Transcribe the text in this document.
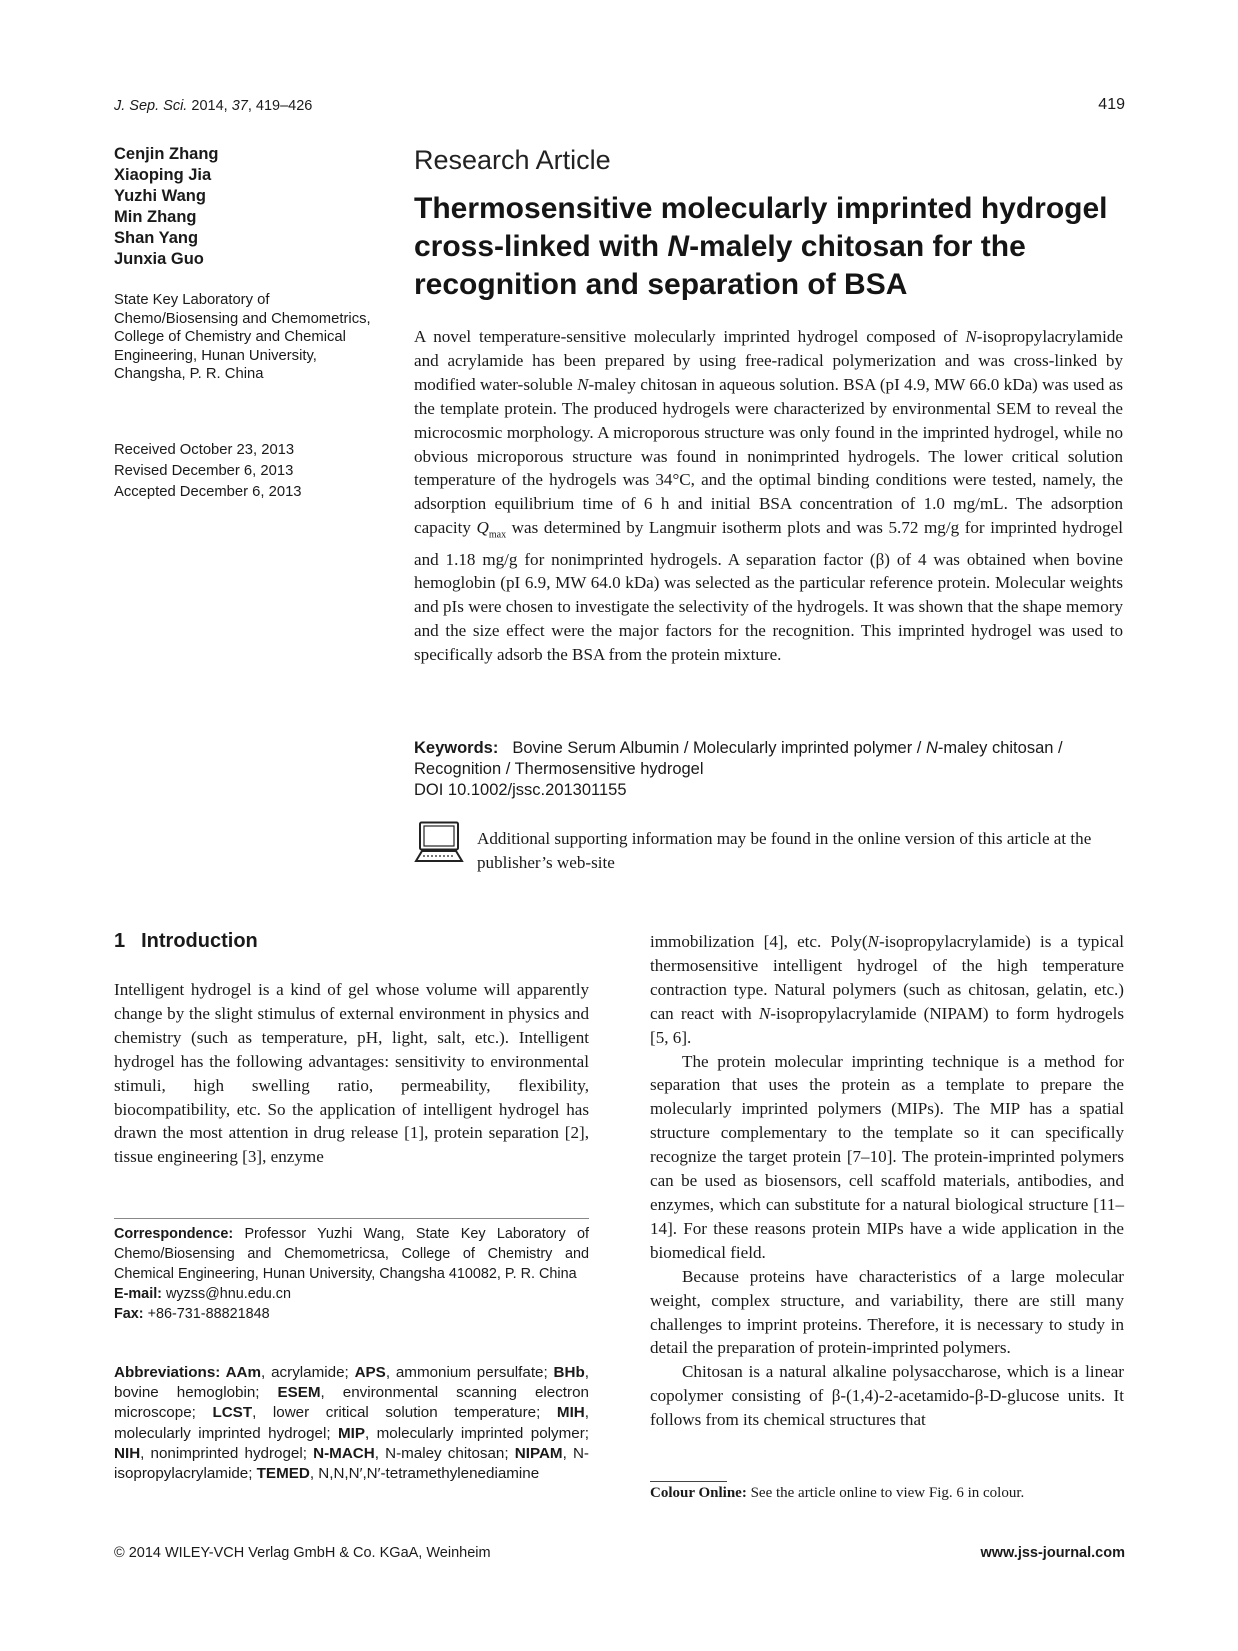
J. Sep. Sci. 2014, 37, 419–426	419
Cenjin Zhang
Xiaoping Jia
Yuzhi Wang
Min Zhang
Shan Yang
Junxia Guo
State Key Laboratory of Chemo/Biosensing and Chemometrics, College of Chemistry and Chemical Engineering, Hunan University, Changsha, P. R. China
Received October 23, 2013
Revised December 6, 2013
Accepted December 6, 2013
Research Article
Thermosensitive molecularly imprinted hydrogel cross-linked with N-malely chitosan for the recognition and separation of BSA
A novel temperature-sensitive molecularly imprinted hydrogel composed of N-isopropylacrylamide and acrylamide has been prepared by using free-radical polymerization and was cross-linked by modified water-soluble N-maley chitosan in aqueous solution. BSA (pI 4.9, MW 66.0 kDa) was used as the template protein. The produced hydrogels were characterized by environmental SEM to reveal the microcosmic morphology. A microporous structure was only found in the imprinted hydrogel, while no obvious microporous structure was found in nonimprinted hydrogels. The lower critical solution temperature of the hydrogels was 34°C, and the optimal binding conditions were tested, namely, the adsorption equilibrium time of 6 h and initial BSA concentration of 1.0 mg/mL. The adsorption capacity $Q_{max}$ was determined by Langmuir isotherm plots and was 5.72 mg/g for imprinted hydrogel and 1.18 mg/g for nonimprinted hydrogels. A separation factor (β) of 4 was obtained when bovine hemoglobin (pI 6.9, MW 64.0 kDa) was selected as the particular reference protein. Molecular weights and pIs were chosen to investigate the selectivity of the hydrogels. It was shown that the shape memory and the size effect were the major factors for the recognition. This imprinted hydrogel was used to specifically adsorb the BSA from the protein mixture.
Keywords: Bovine Serum Albumin / Molecularly imprinted polymer / N-maley chitosan / Recognition / Thermosensitive hydrogel
DOI 10.1002/jssc.201301155
Additional supporting information may be found in the online version of this article at the publisher’s web-site
1 Introduction
Intelligent hydrogel is a kind of gel whose volume will apparently change by the slight stimulus of external environment in physics and chemistry (such as temperature, pH, light, salt, etc.). Intelligent hydrogel has the following advantages: sensitivity to environmental stimuli, high swelling ratio, permeability, flexibility, biocompatibility, etc. So the application of intelligent hydrogel has drawn the most attention in drug release [1], protein separation [2], tissue engineering [3], enzyme
Correspondence: Professor Yuzhi Wang, State Key Laboratory of Chemo/Biosensing and Chemometricsa, College of Chemistry and Chemical Engineering, Hunan University, Changsha 410082, P. R. China
E-mail: wyzss@hnu.edu.cn
Fax: +86-731-88821848
Abbreviations: AAm, acrylamide; APS, ammonium persulfate; BHb, bovine hemoglobin; ESEM, environmental scanning electron microscope; LCST, lower critical solution temperature; MIH, molecularly imprinted hydrogel; MIP, molecularly imprinted polymer; NIH, nonimprinted hydrogel; N-MACH, N-maley chitosan; NIPAM, N-isopropylacrylamide; TEMED, N,N,N′,N′-tetramethylenediamine

immobilization [4], etc. Poly(N-isopropylacrylamide) is a typical thermosensitive intelligent hydrogel of the high temperature contraction type. Natural polymers (such as chitosan, gelatin, etc.) can react with N-isopropylacrylamide (NIPAM) to form hydrogels [5, 6].

The protein molecular imprinting technique is a method for separation that uses the protein as a template to prepare the molecularly imprinted polymers (MIPs). The MIP has a spatial structure complementary to the template so it can specifically recognize the target protein [7–10]. The protein-imprinted polymers can be used as biosensors, cell scaffold materials, antibodies, and enzymes, which can substitute for a natural biological structure [11–14]. For these reasons protein MIPs have a wide application in the biomedical field.

Because proteins have characteristics of a large molecular weight, complex structure, and variability, there are still many challenges to imprint proteins. Therefore, it is necessary to study in detail the preparation of protein-imprinted polymers.

Chitosan is a natural alkaline polysaccharose, which is a linear copolymer consisting of β-(1,4)-2-acetamido-β-D-glucose units. It follows from its chemical structures that

Colour Online: See the article online to view Fig. 6 in colour.
© 2014 WILEY-VCH Verlag GmbH & Co. KGaA, Weinheim	www.jss-journal.com
